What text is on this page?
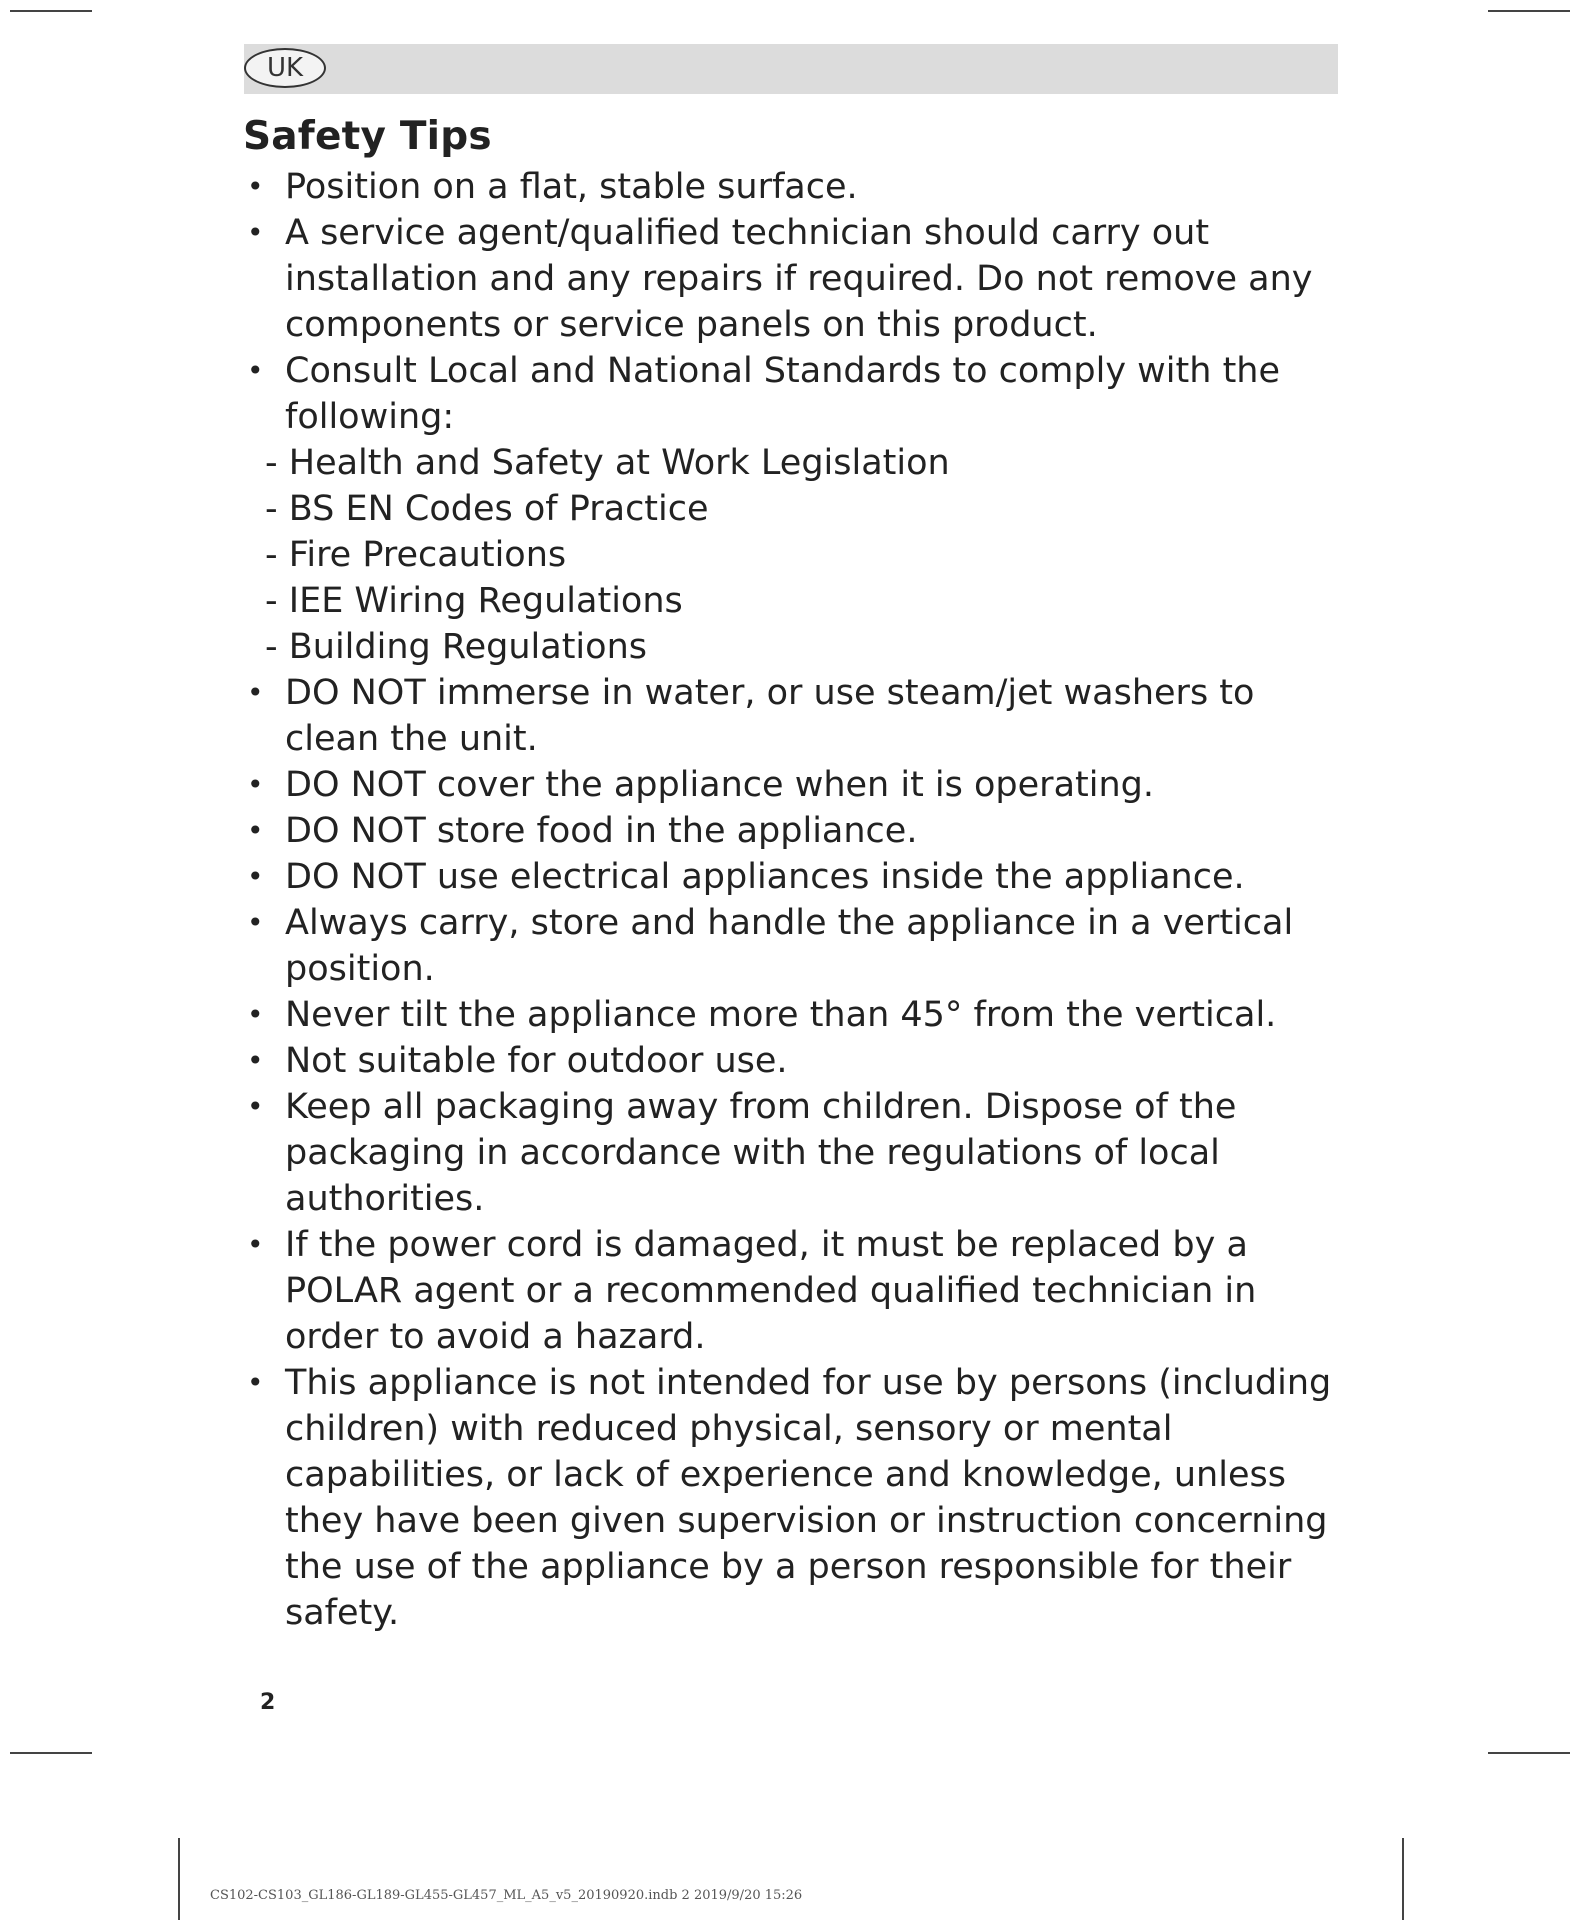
UK
Safety Tips
• Position on a flat, stable surface.
• A service agent/qualified technician should carry out installation and any repairs if required. Do not remove any components or service panels on this product.
• Consult Local and National Standards to comply with the following:
- Health and Safety at Work Legislation
- BS EN Codes of Practice
- Fire Precautions
- IEE Wiring Regulations
- Building Regulations
• DO NOT immerse in water, or use steam/jet washers to clean the unit.
• DO NOT cover the appliance when it is operating.
• DO NOT store food in the appliance.
• DO NOT use electrical appliances inside the appliance.
• Always carry, store and handle the appliance in a vertical position.
• Never tilt the appliance more than 45° from the vertical.
• Not suitable for outdoor use.
• Keep all packaging away from children. Dispose of the packaging in accordance with the regulations of local authorities.
• If the power cord is damaged, it must be replaced by a POLAR agent or a recommended qualified technician in order to avoid a hazard.
• This appliance is not intended for use by persons (including children) with reduced physical, sensory or mental capabilities, or lack of experience and knowledge, unless they have been given supervision or instruction concerning the use of the appliance by a person responsible for their safety.
2
CS102-CS103_GL186-GL189-GL455-GL457_ML_A5_v5_20190920.indb 2 2019/9/20 15:26
